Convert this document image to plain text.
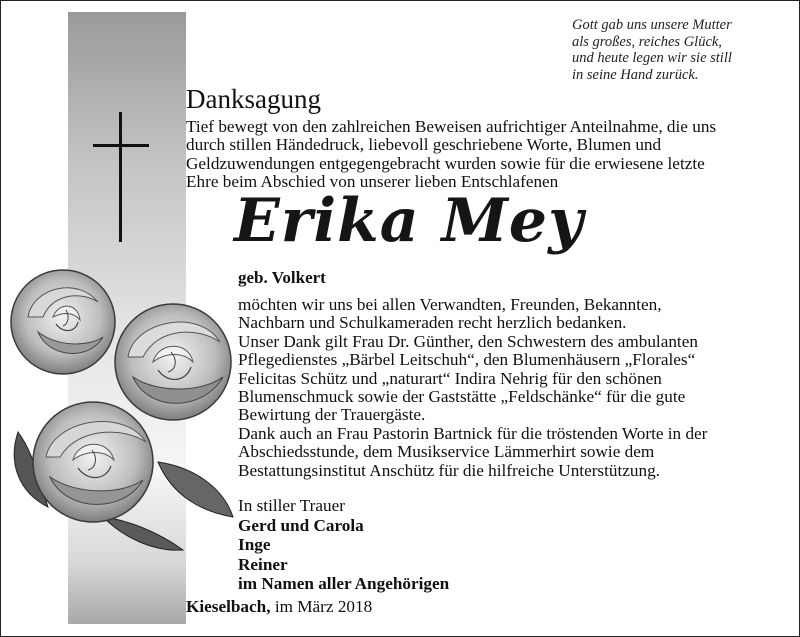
Gott gab uns unsere Mutter
als großes, reiches Glück,
und heute legen wir sie still
in seine Hand zurück.
Danksagung
Tief bewegt von den zahlreichen Beweisen aufrichtiger Anteilnahme, die uns
durch stillen Händedruck, liebevoll geschriebene Worte, Blumen und
Geldzuwendungen entgegengebracht wurden sowie für die erwiesene letzte
Ehre beim Abschied von unserer lieben Entschlafenen
Erika Mey
geb. Volkert
möchten wir uns bei allen Verwandten, Freunden, Bekannten,
Nachbarn und Schulkameraden recht herzlich bedanken.
Unser Dank gilt Frau Dr. Günther, den Schwestern des ambulanten
Pflegedienstes „Bärbel Leitschuh“, den Blumenhäusern „Florales“
Felicitas Schütz und „naturart“ Indira Nehrig für den schönen
Blumenschmuck sowie der Gaststätte „Feldschänke“ für die gute
Bewirtung der Trauergäste.
Dank auch an Frau Pastorin Bartnick für die tröstenden Worte in der
Abschiedsstunde, dem Musikservice Lämmerhirt sowie dem
Bestattungsinstitut Anschütz für die hilfreiche Unterstützung.
In stiller Trauer
Gerd und Carola
Inge
Reiner
im Namen aller Angehörigen
Kieselbach, im März 2018
